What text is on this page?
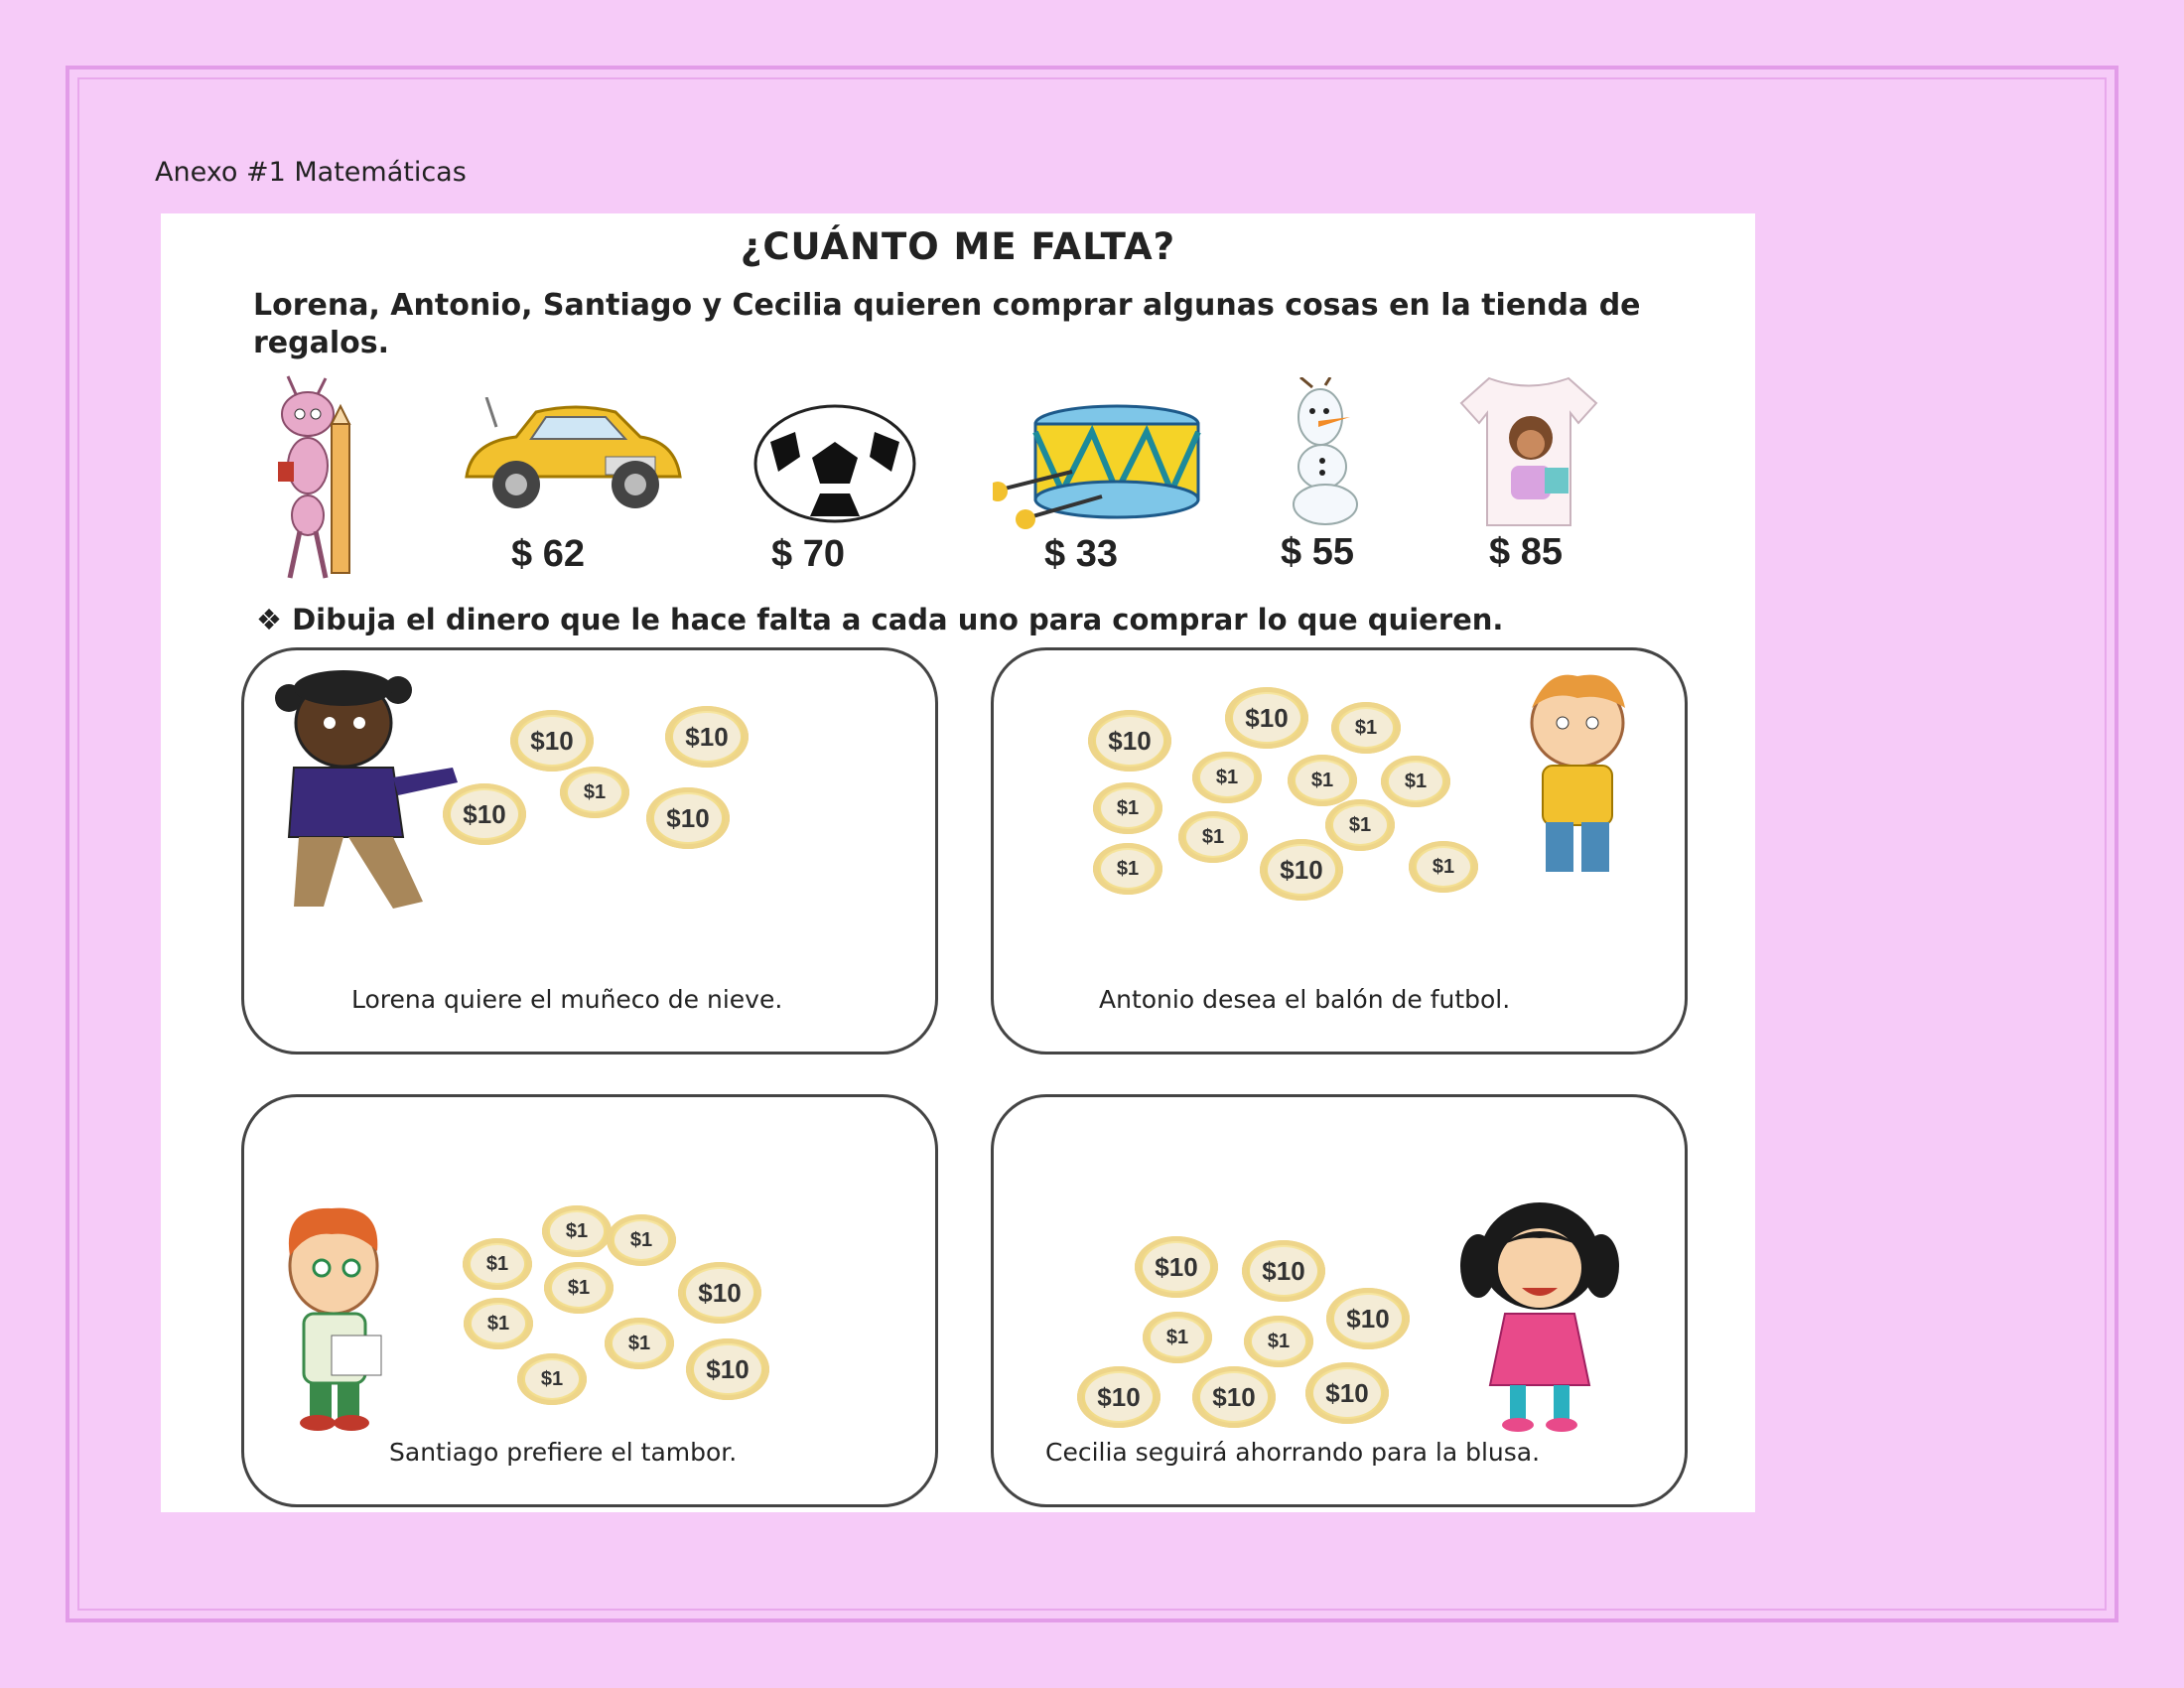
Anexo #1 Matemáticas
¿CUÁNTO ME FALTA?
Lorena, Antonio, Santiago y Cecilia quieren comprar algunas cosas en la tienda de regalos.
$ 62	$ 70	$ 33	$ 55	$ 85
❖ Dibuja el dinero que le hace falta a cada uno para comprar lo que quieren.
$10	$10
$10
$1
$10
Lorena quiere el muñeco de nieve.
$10
$10	$1
$1	$1	$1
$1
$1
$1
$1	$1
$10
Antonio desea el balón de futbol.
$1	$1
$1
$1	$10
$1
$1
$1	$10
Santiago prefiere el tambor.
$10	$10
$10
$1	$1
$10	$10	$10
Cecilia seguirá ahorrando para la blusa.
